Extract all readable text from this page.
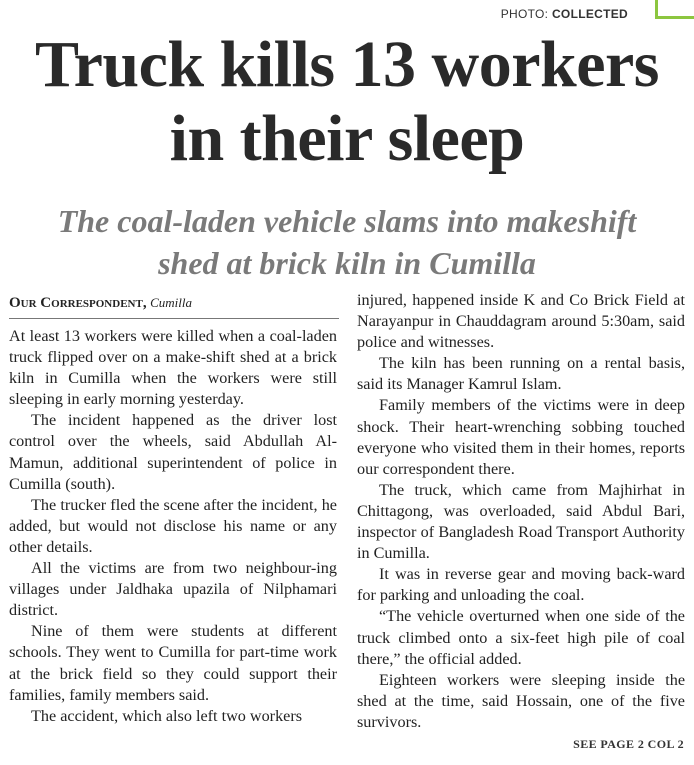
PHOTO: COLLECTED
Truck kills 13 workers
in their sleep
The coal-laden vehicle slams into makeshift
shed at brick kiln in Cumilla
Our Correspondent, Cumilla

At least 13 workers were killed when a coal-laden truck flipped over on a make-shift shed at a brick kiln in Cumilla when the workers were still sleeping in early morning yesterday.

The incident happened as the driver lost control over the wheels, said Abdullah Al-Mamun, additional superintendent of police in Cumilla (south).

The trucker fled the scene after the incident, he added, but would not disclose his name or any other details.

All the victims are from two neighbour-ing villages under Jaldhaka upazila of Nilphamari district.

Nine of them were students at different schools. They went to Cumilla for part-time work at the brick field so they could support their families, family members said.

The accident, which also left two workers

injured, happened inside K and Co Brick Field at Narayanpur in Chauddagram around 5:30am, said police and witnesses.

The kiln has been running on a rental basis, said its Manager Kamrul Islam.

Family members of the victims were in deep shock. Their heart-wrenching sobbing touched everyone who visited them in their homes, reports our correspondent there.

The truck, which came from Majhirhat in Chittagong, was overloaded, said Abdul Bari, inspector of Bangladesh Road Transport Authority in Cumilla.

It was in reverse gear and moving back-ward for parking and unloading the coal.

“The vehicle overturned when one side of the truck climbed onto a six-feet high pile of coal there,” the official added.

Eighteen workers were sleeping inside the shed at the time, said Hossain, one of the five survivors.

SEE PAGE 2 COL 2
